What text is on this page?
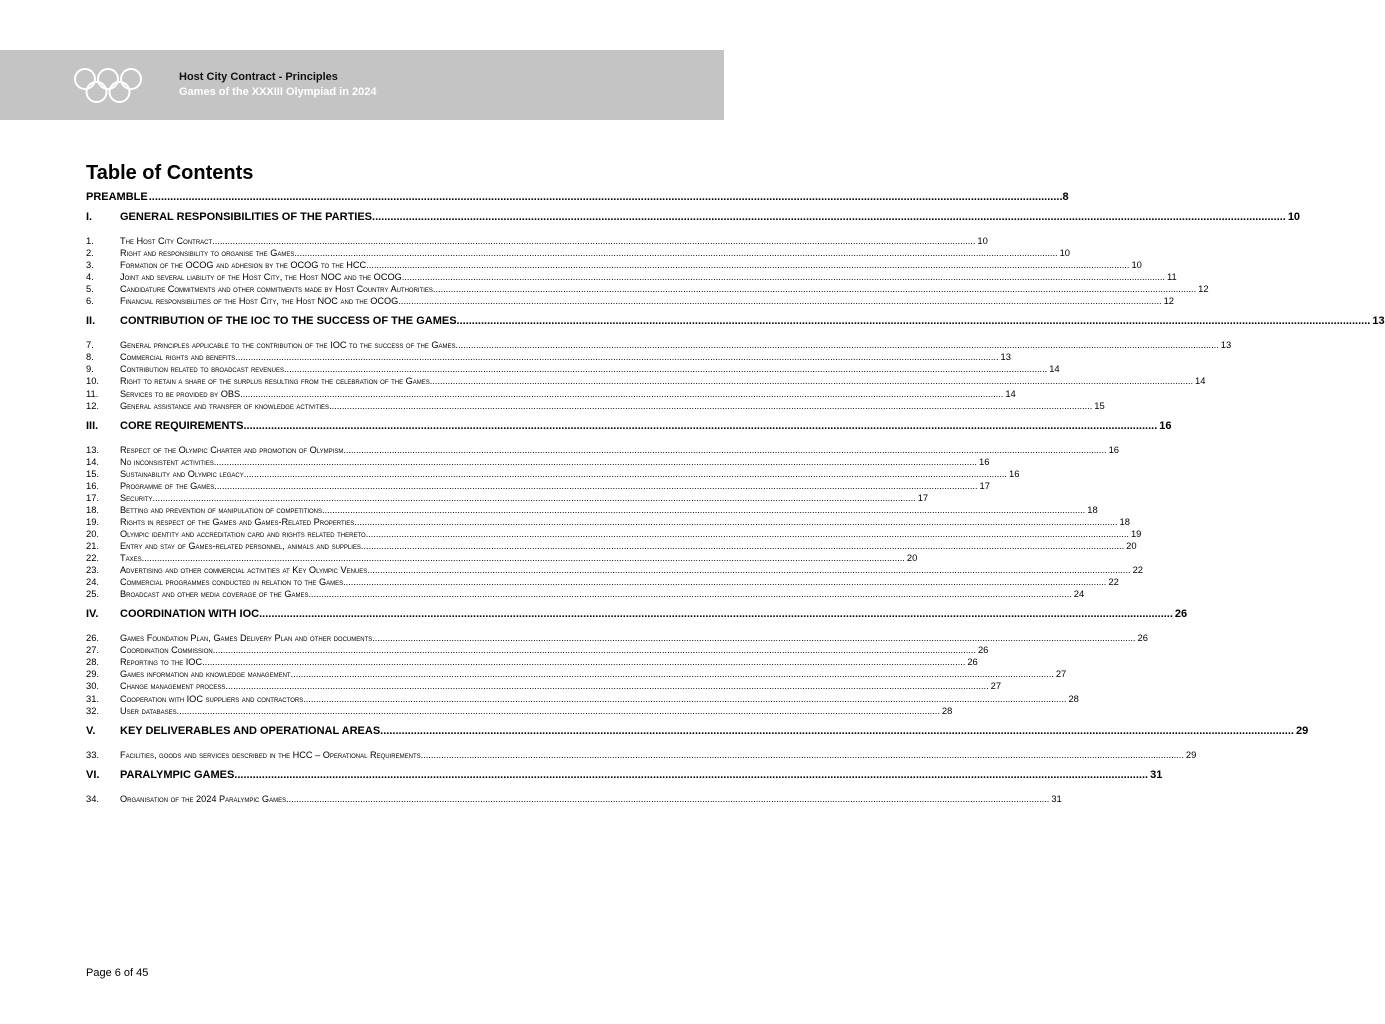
Host City Contract - Principles
Games of the XXXIII Olympiad in 2024
Table of Contents
PREAMBLE .....	8
I.	GENERAL RESPONSIBILITIES OF THE PARTIES .....	10
1.	The Host City Contract .....	10
2.	Right and responsibility to organise the Games .....	10
3.	Formation of the OCOG and adhesion by the OCOG to the HCC .....	10
4.	Joint and several liability of the Host City, the Host NOC and the OCOG .....	11
5.	Candidature Commitments and other commitments made by Host Country Authorities .....	12
6.	Financial responsibilities of the Host City, the Host NOC and the OCOG .....	12
II.	CONTRIBUTION OF THE IOC TO THE SUCCESS OF THE GAMES .....	13
7.	General principles applicable to the contribution of the IOC to the success of the Games .....	13
8.	Commercial rights and benefits .....	13
9.	Contribution related to broadcast revenues .....	14
10.	Right to retain a share of the surplus resulting from the celebration of the Games .....	14
11.	Services to be provided by OBS .....	14
12.	General assistance and transfer of knowledge activities .....	15
III.	CORE REQUIREMENTS .....	16
13.	Respect of the Olympic Charter and promotion of Olympism .....	16
14.	No inconsistent activities .....	16
15.	Sustainability and Olympic legacy .....	16
16.	Programme of the Games .....	17
17.	Security .....	17
18.	Betting and prevention of manipulation of competitions .....	18
19.	Rights in respect of the Games and Games-Related Properties .....	18
20.	Olympic identity and accreditation card and rights related thereto .....	19
21.	Entry and stay of Games-related personnel, animals and supplies .....	20
22.	Taxes .....	20
23.	Advertising and other commercial activities at Key Olympic Venues .....	22
24.	Commercial programmes conducted in relation to the Games .....	22
25.	Broadcast and other media coverage of the Games .....	24
IV.	COORDINATION WITH IOC .....	26
26.	Games Foundation Plan, Games Delivery Plan and other documents .....	26
27.	Coordination Commission .....	26
28.	Reporting to the IOC .....	26
29.	Games information and knowledge management .....	27
30.	Change management process .....	27
31.	Cooperation with IOC suppliers and contractors .....	28
32.	User databases .....	28
V.	KEY DELIVERABLES AND OPERATIONAL AREAS .....	29
33.	Facilities, goods and services described in the HCC – Operational Requirements .....	29
VI.	PARALYMPIC GAMES .....	31
34.	Organisation of the 2024 Paralympic Games .....	31
Page 6 of 45
